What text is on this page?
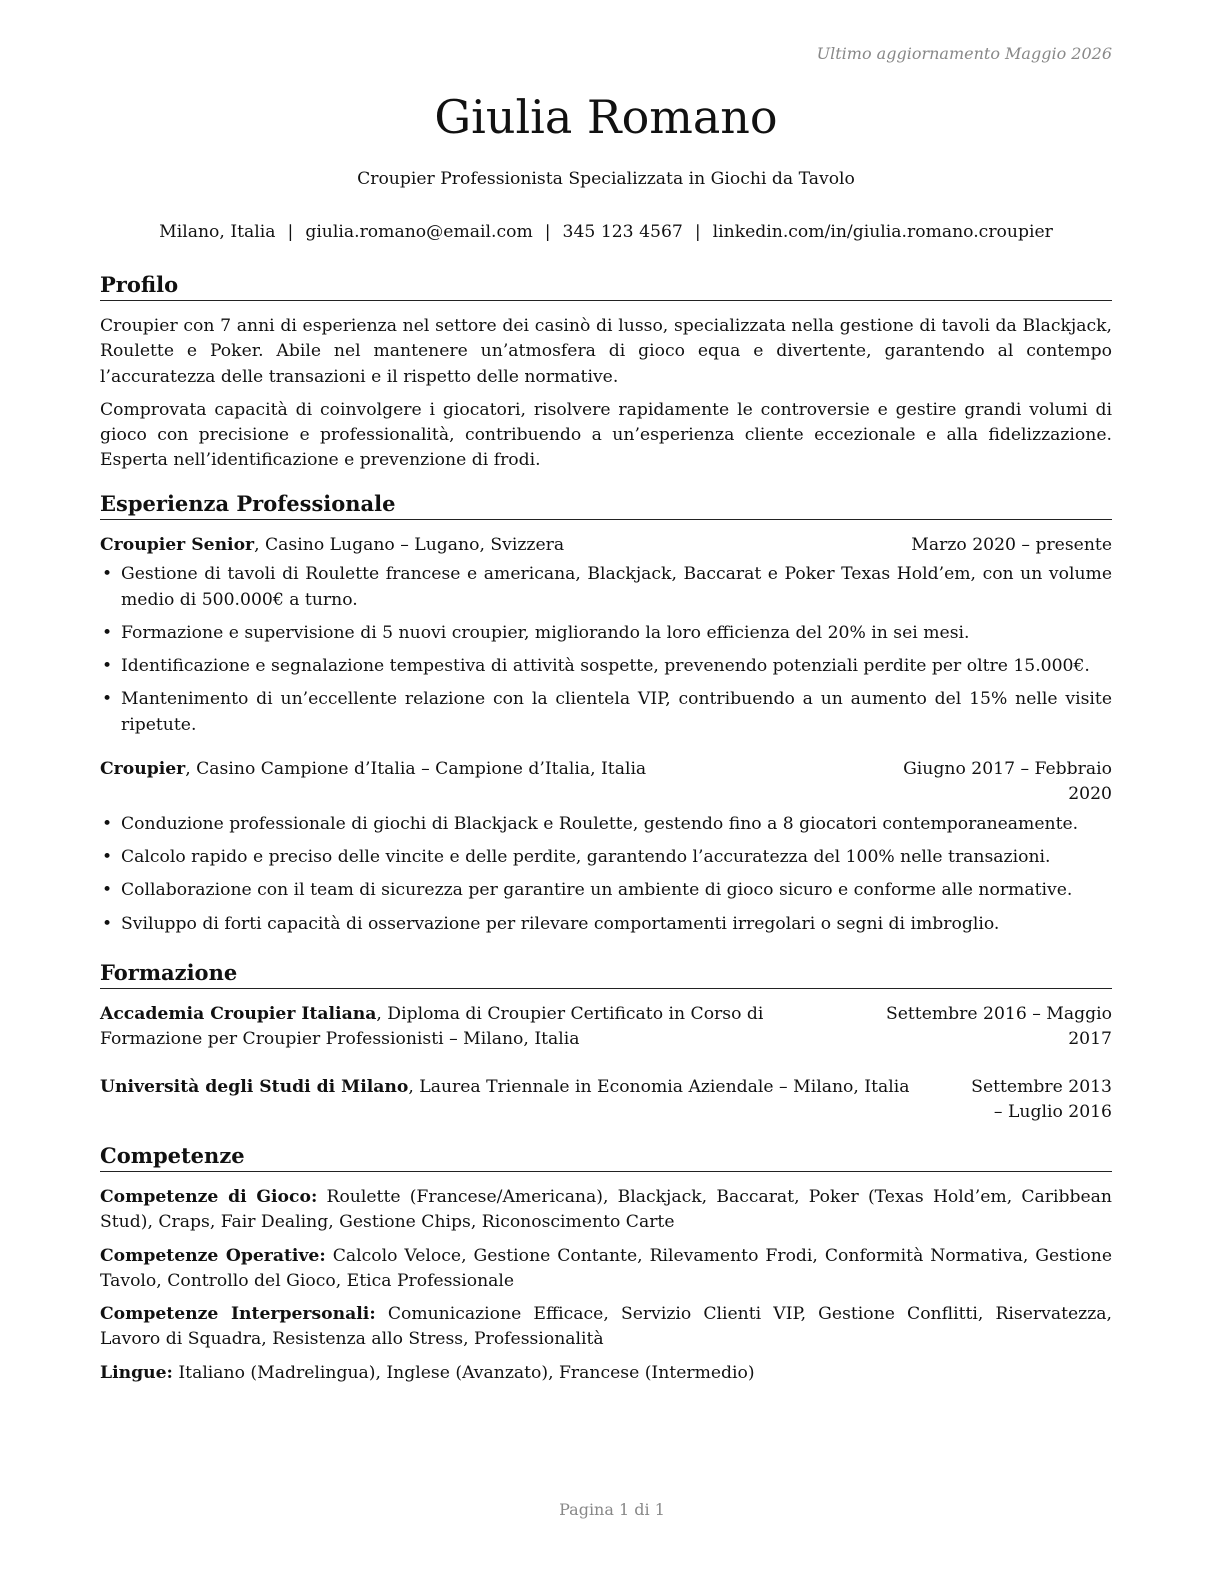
Ultimo aggiornamento Maggio 2026
Giulia Romano
Croupier Professionista Specializzata in Giochi da Tavolo
Milano, Italia | giulia.romano@email.com | 345 123 4567 | linkedin.com/in/giulia.romano.croupier
Profilo

Croupier con 7 anni di esperienza nel settore dei casinò di lusso, specializzata nella gestione di tavoli da Blackjack, Roulette e Poker. Abile nel mantenere un’atmosfera di gioco equa e divertente, garantendo al contempo l’accuratezza delle transazioni e il rispetto delle normative.

Comprovata capacità di coinvolgere i giocatori, risolvere rapidamente le controversie e gestire grandi volumi di gioco con precisione e professionalità, contribuendo a un’esperienza cliente eccezionale e alla fidelizzazione. Esperta nell’identificazione e prevenzione di frodi.

Esperienza Professionale
Croupier Senior, Casino Lugano – Lugano, Svizzera	Marzo 2020 – presente
• Gestione di tavoli di Roulette francese e americana, Blackjack, Baccarat e Poker Texas Hold’em, con un volume medio di 500.000€ a turno.
• Formazione e supervisione di 5 nuovi croupier, migliorando la loro efficienza del 20% in sei mesi.
• Identificazione e segnalazione tempestiva di attività sospette, prevenendo potenziali perdite per oltre 15.000€.
• Mantenimento di un’eccellente relazione con la clientela VIP, contribuendo a un aumento del 15% nelle visite ripetute.
Croupier, Casino Campione d’Italia – Campione d’Italia, Italia	Giugno 2017 – Febbraio 2020
• Conduzione professionale di giochi di Blackjack e Roulette, gestendo fino a 8 giocatori contemporaneamente.
• Calcolo rapido e preciso delle vincite e delle perdite, garantendo l’accuratezza del 100% nelle transazioni.
• Collaborazione con il team di sicurezza per garantire un ambiente di gioco sicuro e conforme alle normative.
• Sviluppo di forti capacità di osservazione per rilevare comportamenti irregolari o segni di imbroglio.
Formazione
Accademia Croupier Italiana, Diploma di Croupier Certificato in Corso di Formazione per Croupier Professionisti – Milano, Italia
Settembre 2016 – Maggio 2017
Università degli Studi di Milano, Laurea Triennale in Economia Aziendale – Milano, Italia	Settembre 2013 – Luglio 2016
Competenze
Competenze di Gioco: Roulette (Francese/Americana), Blackjack, Baccarat, Poker (Texas Hold’em, Caribbean Stud), Craps, Fair Dealing, Gestione Chips, Riconoscimento Carte
Competenze Operative: Calcolo Veloce, Gestione Contante, Rilevamento Frodi, Conformità Normativa, Gestione Tavolo, Controllo del Gioco, Etica Professionale
Competenze Interpersonali: Comunicazione Efficace, Servizio Clienti VIP, Gestione Conflitti, Riservatezza, Lavoro di Squadra, Resistenza allo Stress, Professionalità
Lingue: Italiano (Madrelingua), Inglese (Avanzato), Francese (Intermedio)
Pagina 1 di 1
